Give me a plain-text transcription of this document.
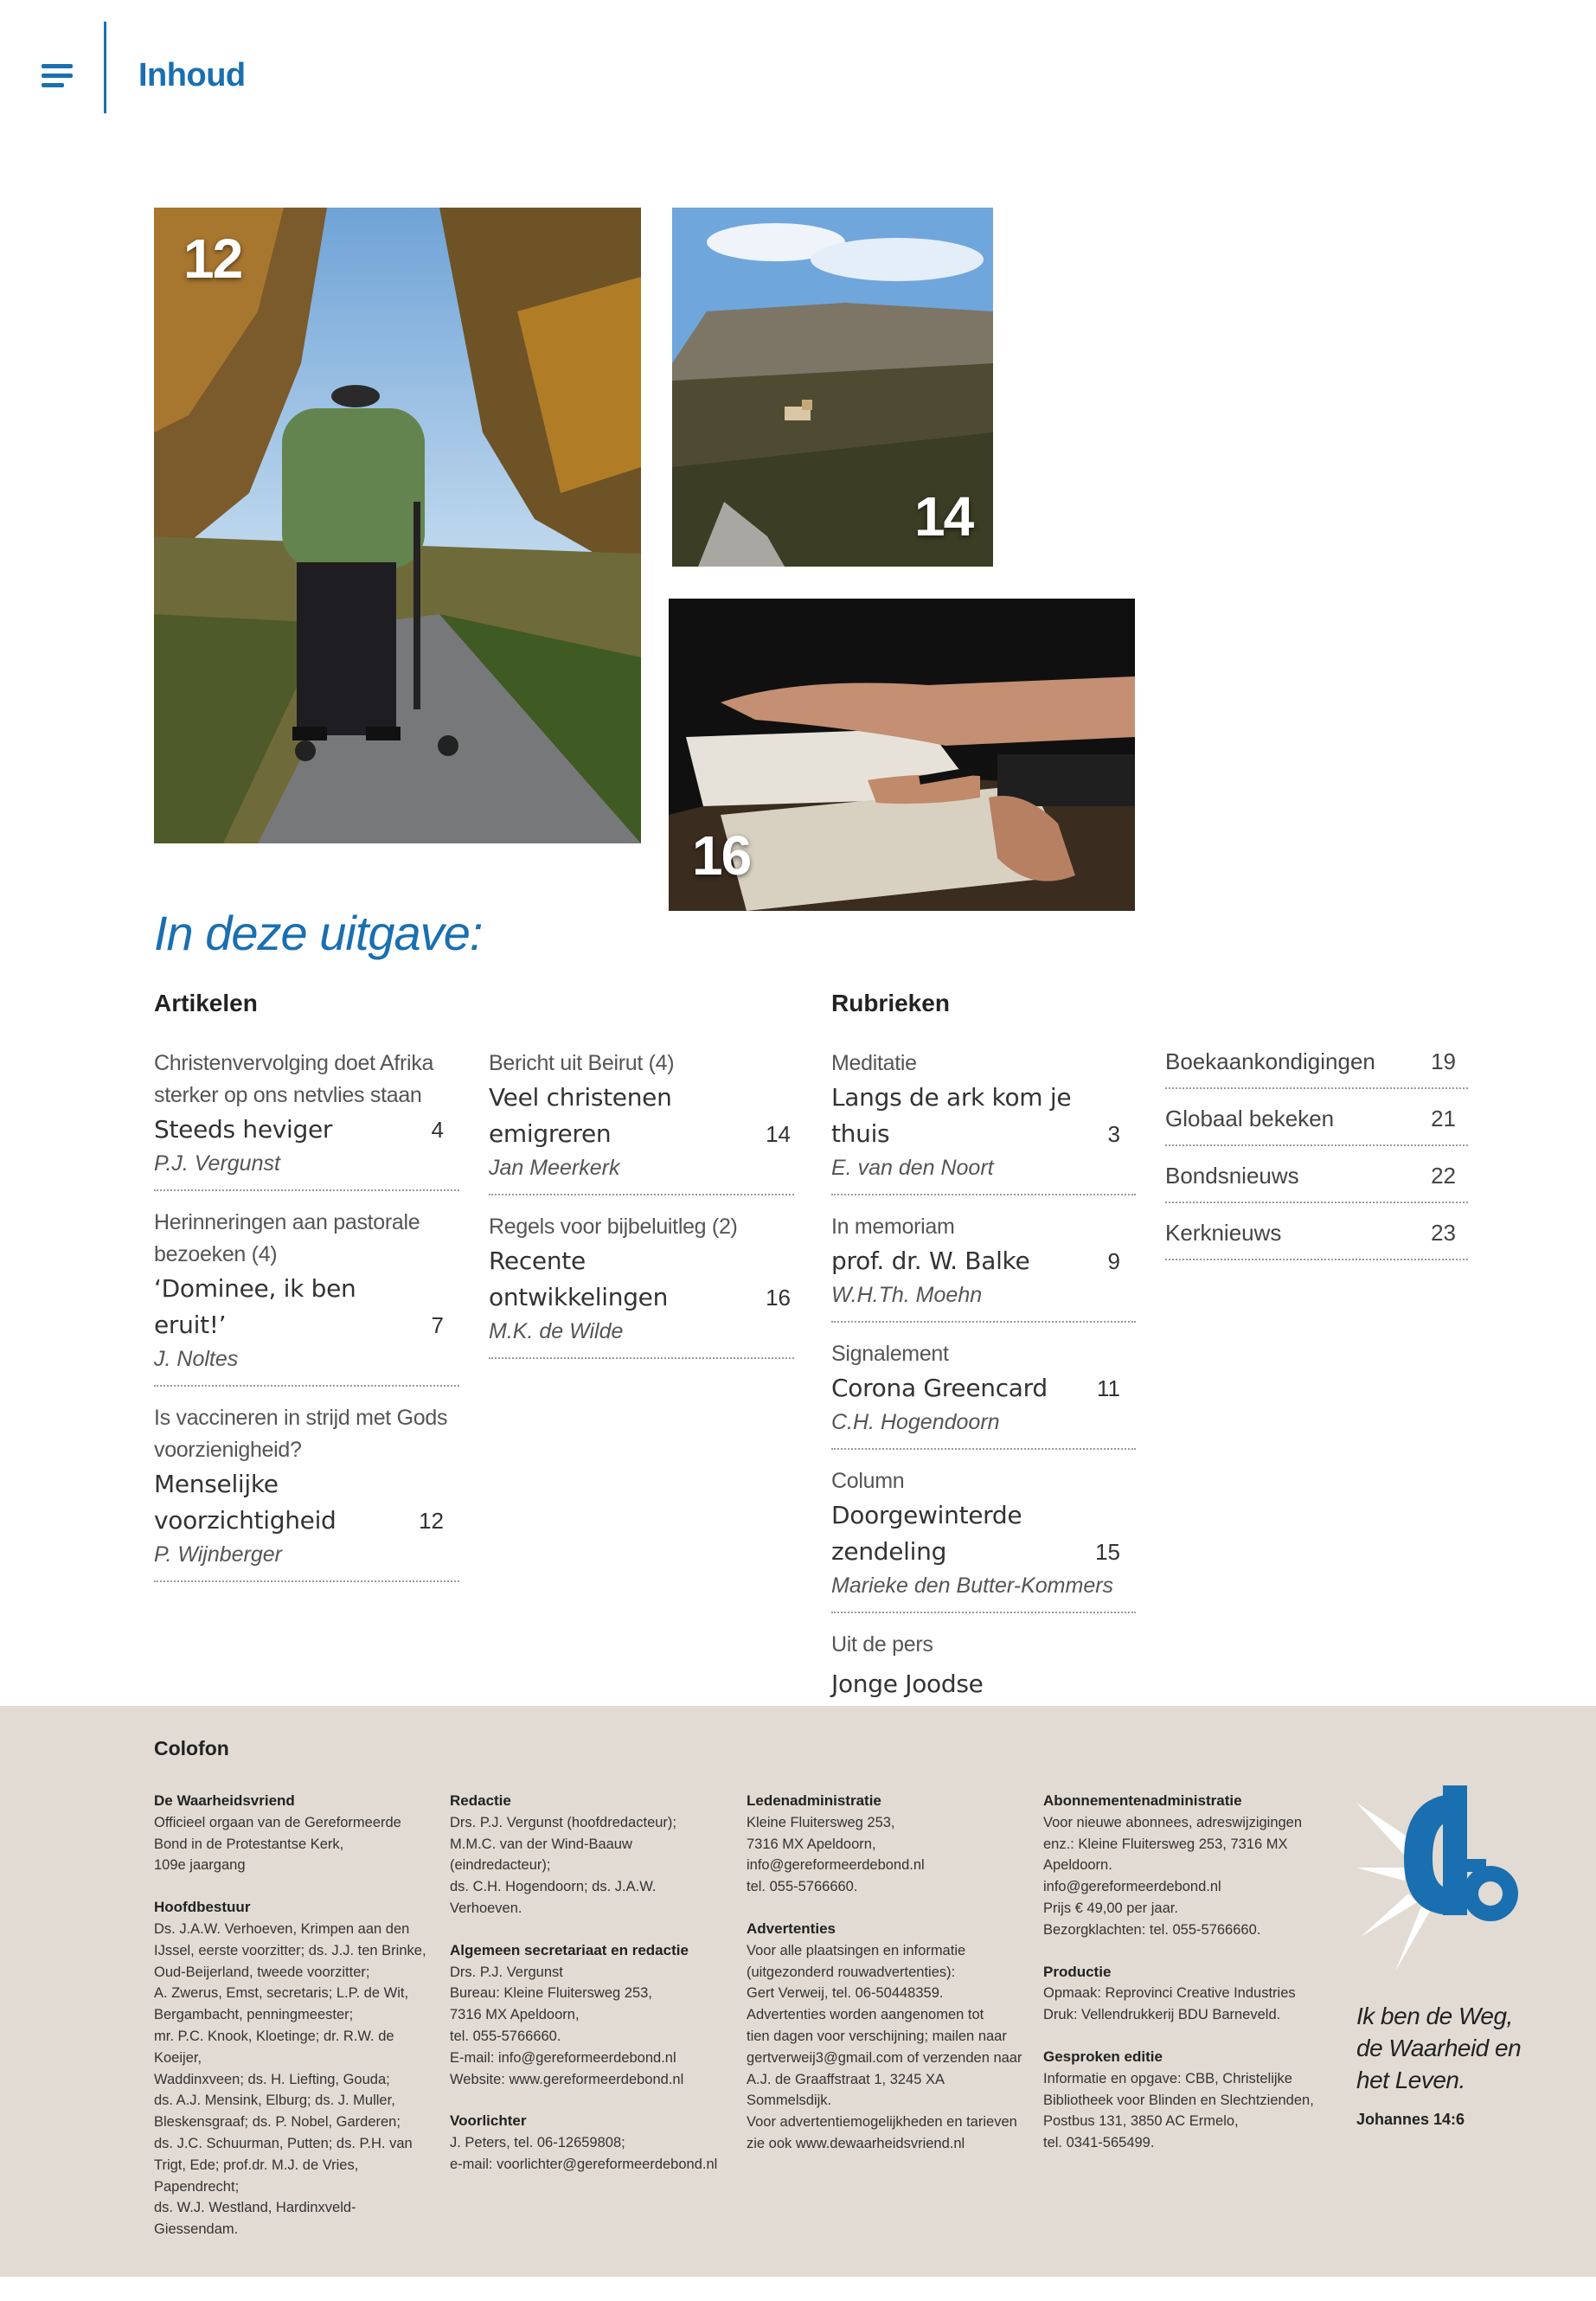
Inhoud
12
14
16
In deze uitgave:
Artikelen	Rubrieken
Christenvervolging doet Afrika sterker op ons netvlies staan
Steeds heviger	4
P.J. Vergunst
Herinneringen aan pastorale bezoeken (4)
‘Dominee, ik ben eruit!’	7
J. Noltes
Is vaccineren in strijd met Gods voorzienigheid?
Menselijke voorzichtigheid	12
P. Wijnberger
Bericht uit Beirut (4)
Veel christenen emigreren	14
Jan Meerkerk
Regels voor bijbeluitleg (2)
Recente ontwikkelingen	16
M.K. de Wilde
Meditatie
Langs de ark kom je thuis	3
E. van den Noort
In memoriam
prof. dr. W. Balke	9
W.H.Th. Moehn
Signalement
Corona Greencard	11
C.H. Hogendoorn
Column
Doorgewinterde zendeling	15
Marieke den Butter-Kommers
Uit de pers
Jonge Joodse
Boekaankondigingen 19
Globaal bekeken	21
Bondsnieuws	22
Kerknieuws	23
Colofon
De Waarheidsvriend

Officieel orgaan van de Gereformeerde
Bond in de Protestantse Kerk,
109e jaargang

Hoofdbestuur

Ds. J.A.W. Verhoeven, Krimpen aan den
IJssel, eerste voorzitter; ds. J.J. ten Brinke,
Oud-Beijerland, tweede voorzitter;
A. Zwerus, Emst, secretaris; L.P. de Wit,
Bergambacht, penningmeester;
mr. P.C. Knook, Kloetinge; dr. R.W. de Koeijer,
Waddinxveen; ds. H. Liefting, Gouda;
ds. A.J. Mensink, Elburg; ds. J. Muller,
Bleskensgraaf; ds. P. Nobel, Garderen;
ds. J.C. Schuurman, Putten; ds. P.H. van
Trigt, Ede; prof.dr. M.J. de Vries, Papendrecht;
ds. W.J. Westland, Hardinxveld-Giessendam.

Redactie

Drs. P.J. Vergunst (hoofdredacteur);
M.M.C. van der Wind-Baauw (eindredacteur);
ds. C.H. Hogendoorn; ds. J.A.W. Verhoeven.

Algemeen secretariaat en redactie

Drs. P.J. Vergunst
Bureau: Kleine Fluitersweg 253,
7316 MX Apeldoorn,
tel. 055-5766660.
E-mail: info@gereformeerdebond.nl
Website: www.gereformeerdebond.nl

Voorlichter

J. Peters, tel. 06-12659808;
e-mail: voorlichter@gereformeerdebond.nl

Ledenadministratie

Kleine Fluitersweg 253,
7316 MX Apeldoorn,
info@gereformeerdebond.nl
tel. 055-5766660.

Advertenties

Voor alle plaatsingen en informatie
(uitgezonderd rouwadvertenties):
Gert Verweij, tel. 06-50448359.
Advertenties worden aangenomen tot
tien dagen voor verschijning; mailen naar
gertverweij3@gmail.com of verzenden naar
A.J. de Graaffstraat 1, 3245 XA Sommelsdijk.
Voor advertentiemogelijkheden en tarieven
zie ook www.dewaarheidsvriend.nl

Abonnementenadministratie

Voor nieuwe abonnees, adreswijzigingen
enz.: Kleine Fluitersweg 253, 7316 MX
Apeldoorn.
info@gereformeerdebond.nl
Prijs € 49,00 per jaar.
Bezorgklachten: tel. 055-5766660.

Productie

Opmaak: Reprovinci Creative Industries
Druk: Vellendrukkerij BDU Barneveld.

Gesproken editie

Informatie en opgave: CBB, Christelijke
Bibliotheek voor Blinden en Slechtzienden,
Postbus 131, 3850 AC Ermelo,
tel. 0341-565499.

Ik ben de Weg,
de Waarheid en
het Leven.
Johannes 14:6
